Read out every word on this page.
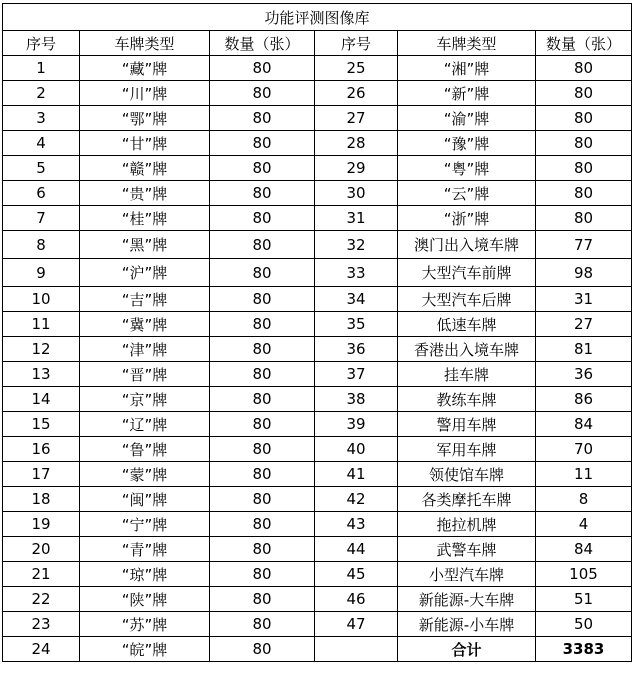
功能评测图像库					
序号	车牌类型	数量（张）	序号	车牌类型	数量（张）
1	“藏”牌	80	25	“湘”牌	80
2	“川”牌	80	26	“新”牌	80
3	“鄂”牌	80	27	“渝”牌	80
4	“甘”牌	80	28	“豫”牌	80
5	“赣”牌	80	29	“粤”牌	80
6	“贵”牌	80	30	“云”牌	80
7	“桂”牌	80	31	“浙”牌	80
8	“黑”牌	80	32	澳门出入境车牌	77
9	“沪”牌	80	33	大型汽车前牌	98
10	“吉”牌	80	34	大型汽车后牌	31
11	“冀”牌	80	35	低速车牌	27
12	“津”牌	80	36	香港出入境车牌	81
13	“晋”牌	80	37	挂车牌	36
14	“京”牌	80	38	教练车牌	86
15	“辽”牌	80	39	警用车牌	84
16	“鲁”牌	80	40	军用车牌	70
17	“蒙”牌	80	41	领使馆车牌	11
18	“闽”牌	80	42	各类摩托车牌	8
19	“宁”牌	80	43	拖拉机牌	4
20	“青”牌	80	44	武警车牌	84
21	“琼”牌	80	45	小型汽车牌	105
22	“陕”牌	80	46	新能源-大车牌	51
23	“苏”牌	80	47	新能源-小车牌	50
24	“皖”牌	80		合计	3383
